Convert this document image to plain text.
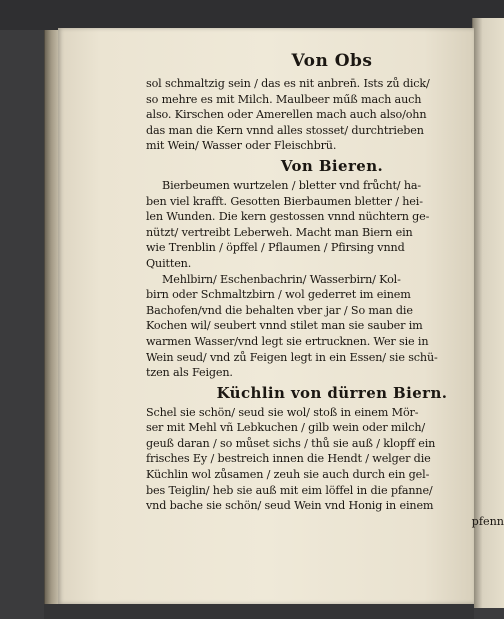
Von Obs
sol schmaltzig sein / das es nit anbren̄. Ists zů dick/
so mehre es mit Milch. Maulbeer műß mach auch
also. Kirschen oder Amerellen mach auch also/ohn
das man die Kern vnnd alles stosset/ durchtrieben
mit Wein/ Wasser oder Fleischbrü.
Von Bieren.
Bierbeumen wurtzelen / bletter vnd frůcht/ ha-
ben viel krafft. Gesotten Bierbaumen bletter / hei-
len Wunden. Die kern gestossen vnnd nüchtern ge-
nützt/ vertreibt Leberweh. Macht man Biern ein
wie Trenblin / öpffel / Pflaumen / Pfirsing vnnd
Quitten.
Mehlbirn/ Eschenbachrin/ Wasserbirn/ Kol-
birn oder Schmaltzbirn / wol gederret im einem
Bachofen/vnd die behalten vber jar / So man die
Kochen wil/ seubert vnnd stilet man sie sauber im
warmen Wasser/vnd legt sie ertrucknen. Wer sie in
Wein seud/ vnd zů Feigen legt in ein Essen/ sie schü-
tzen als Feigen.
Küchlin von dürren Biern.
Schel sie schön/ seud sie wol/ stoß in einem Mör-
ser mit Mehl vñ Lebkuchen / gilb wein oder milch/
geuß daran / so můset sichs / thů sie auß / klopff ein
frisches Ey / bestreich innen die Hendt / welger die
Küchlin wol zůsamen / zeuh sie auch durch ein gel-
bes Teiglin/ heb sie auß mit eim löffel in die pfanne/
vnd bache sie schön/ seud Wein vnd Honig in einem
pfenn
